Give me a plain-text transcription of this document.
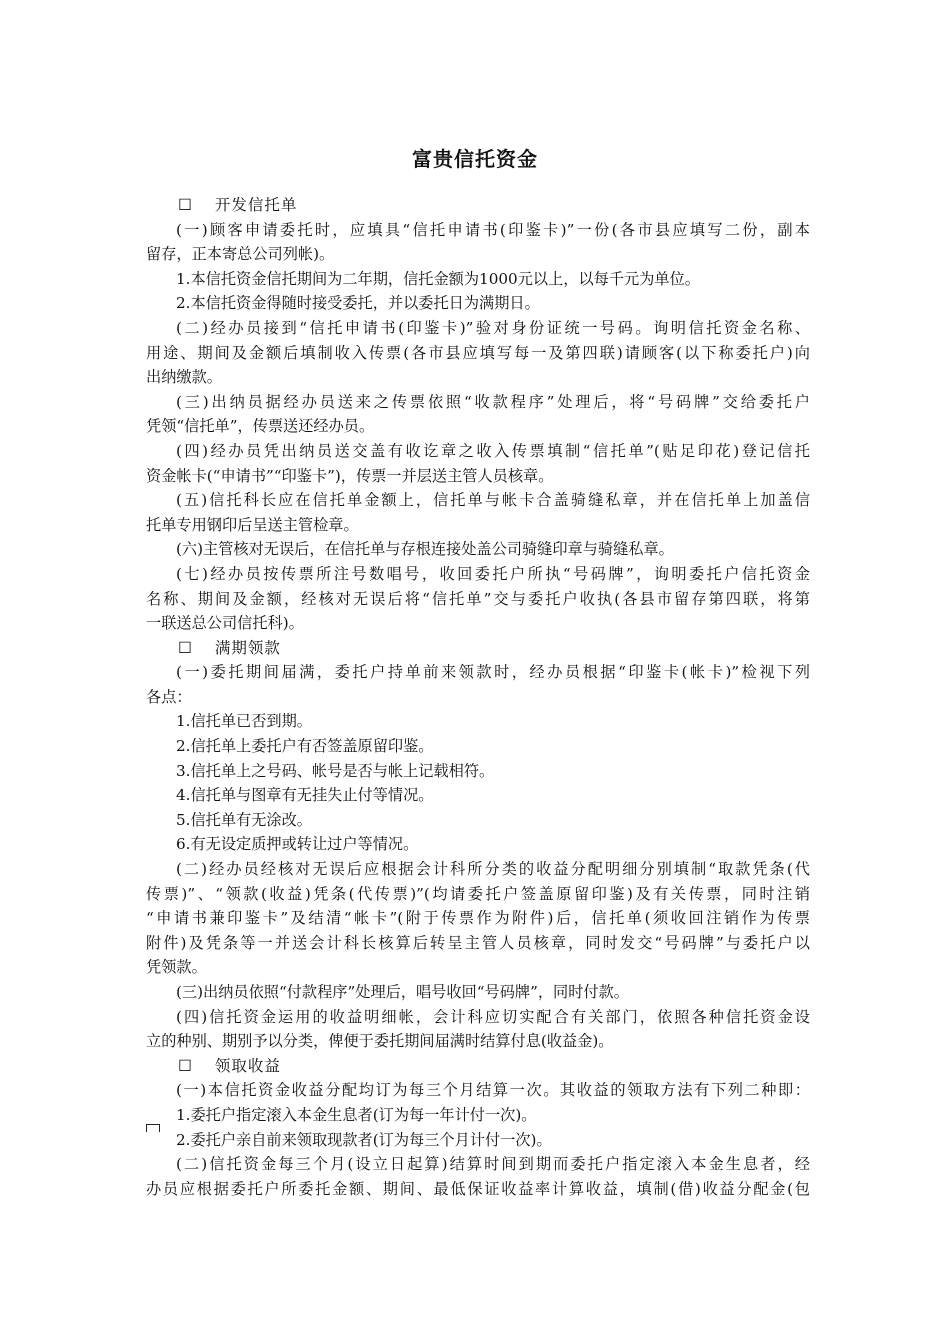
富贵信托资金
☐ 开发信托单
(一)顾客申请委托时，应填具“信托申请书(印鉴卡)”一份(各市县应填写二份，副本
留存，正本寄总公司列帐)。
1.本信托资金信托期间为二年期，信托金额为1000元以上，以每千元为单位。
2.本信托资金得随时接受委托，并以委托日为满期日。
(二)经办员接到“信托申请书(印鉴卡)”验对身份证统一号码。询明信托资金名称、
用途、期间及金额后填制收入传票(各市县应填写每一及第四联)请顾客(以下称委托户)向
出纳缴款。
(三)出纳员据经办员送来之传票依照“收款程序”处理后，将“号码牌”交给委托户
凭领“信托单”，传票送还经办员。
(四)经办员凭出纳员送交盖有收讫章之收入传票填制“信托单”(贴足印花)登记信托
资金帐卡(“申请书”“印鉴卡”)，传票一并层送主管人员核章。
(五)信托科长应在信托单金额上，信托单与帐卡合盖骑缝私章，并在信托单上加盖信
托单专用钢印后呈送主管检章。
(六)主管核对无误后，在信托单与存根连接处盖公司骑缝印章与骑缝私章。
(七)经办员按传票所注号数唱号，收回委托户所执“号码牌”，询明委托户信托资金
名称、期间及金额，经核对无误后将“信托单”交与委托户收执(各县市留存第四联，将第
一联送总公司信托科)。
☐ 满期领款
(一)委托期间届满，委托户持单前来领款时，经办员根据“印鉴卡(帐卡)”检视下列
各点：
1.信托单已否到期。
2.信托单上委托户有否签盖原留印鉴。
3.信托单上之号码、帐号是否与帐上记载相符。
4.信托单与图章有无挂失止付等情况。
5.信托单有无涂改。
6.有无设定质押或转让过户等情况。
(二)经办员经核对无误后应根据会计科所分类的收益分配明细分别填制“取款凭条(代
传票)”、“领款(收益)凭条(代传票)”(均请委托户签盖原留印鉴)及有关传票，同时注销
“申请书兼印鉴卡”及结清“帐卡”(附于传票作为附件)后，信托单(须收回注销作为传票
附件)及凭条等一并送会计科长核算后转呈主管人员核章，同时发交“号码牌”与委托户以
凭领款。
(三)出纳员依照“付款程序”处理后，唱号收回“号码牌”，同时付款。
(四)信托资金运用的收益明细帐，会计科应切实配合有关部门，依照各种信托资金设
立的种别、期别予以分类，俾便于委托期间届满时结算付息(收益金)。
☐ 领取收益
(一)本信托资金收益分配均订为每三个月结算一次。其收益的领取方法有下列二种即：
1.委托户指定滚入本金生息者(订为每一年计付一次)。
2.委托户亲自前来领取现款者(订为每三个月计付一次)。
(二)信托资金每三个月(设立日起算)结算时间到期而委托户指定滚入本金生息者，经
办员应根据委托户所委托金额、期间、最低保证收益率计算收益，填制(借)收益分配金(包
